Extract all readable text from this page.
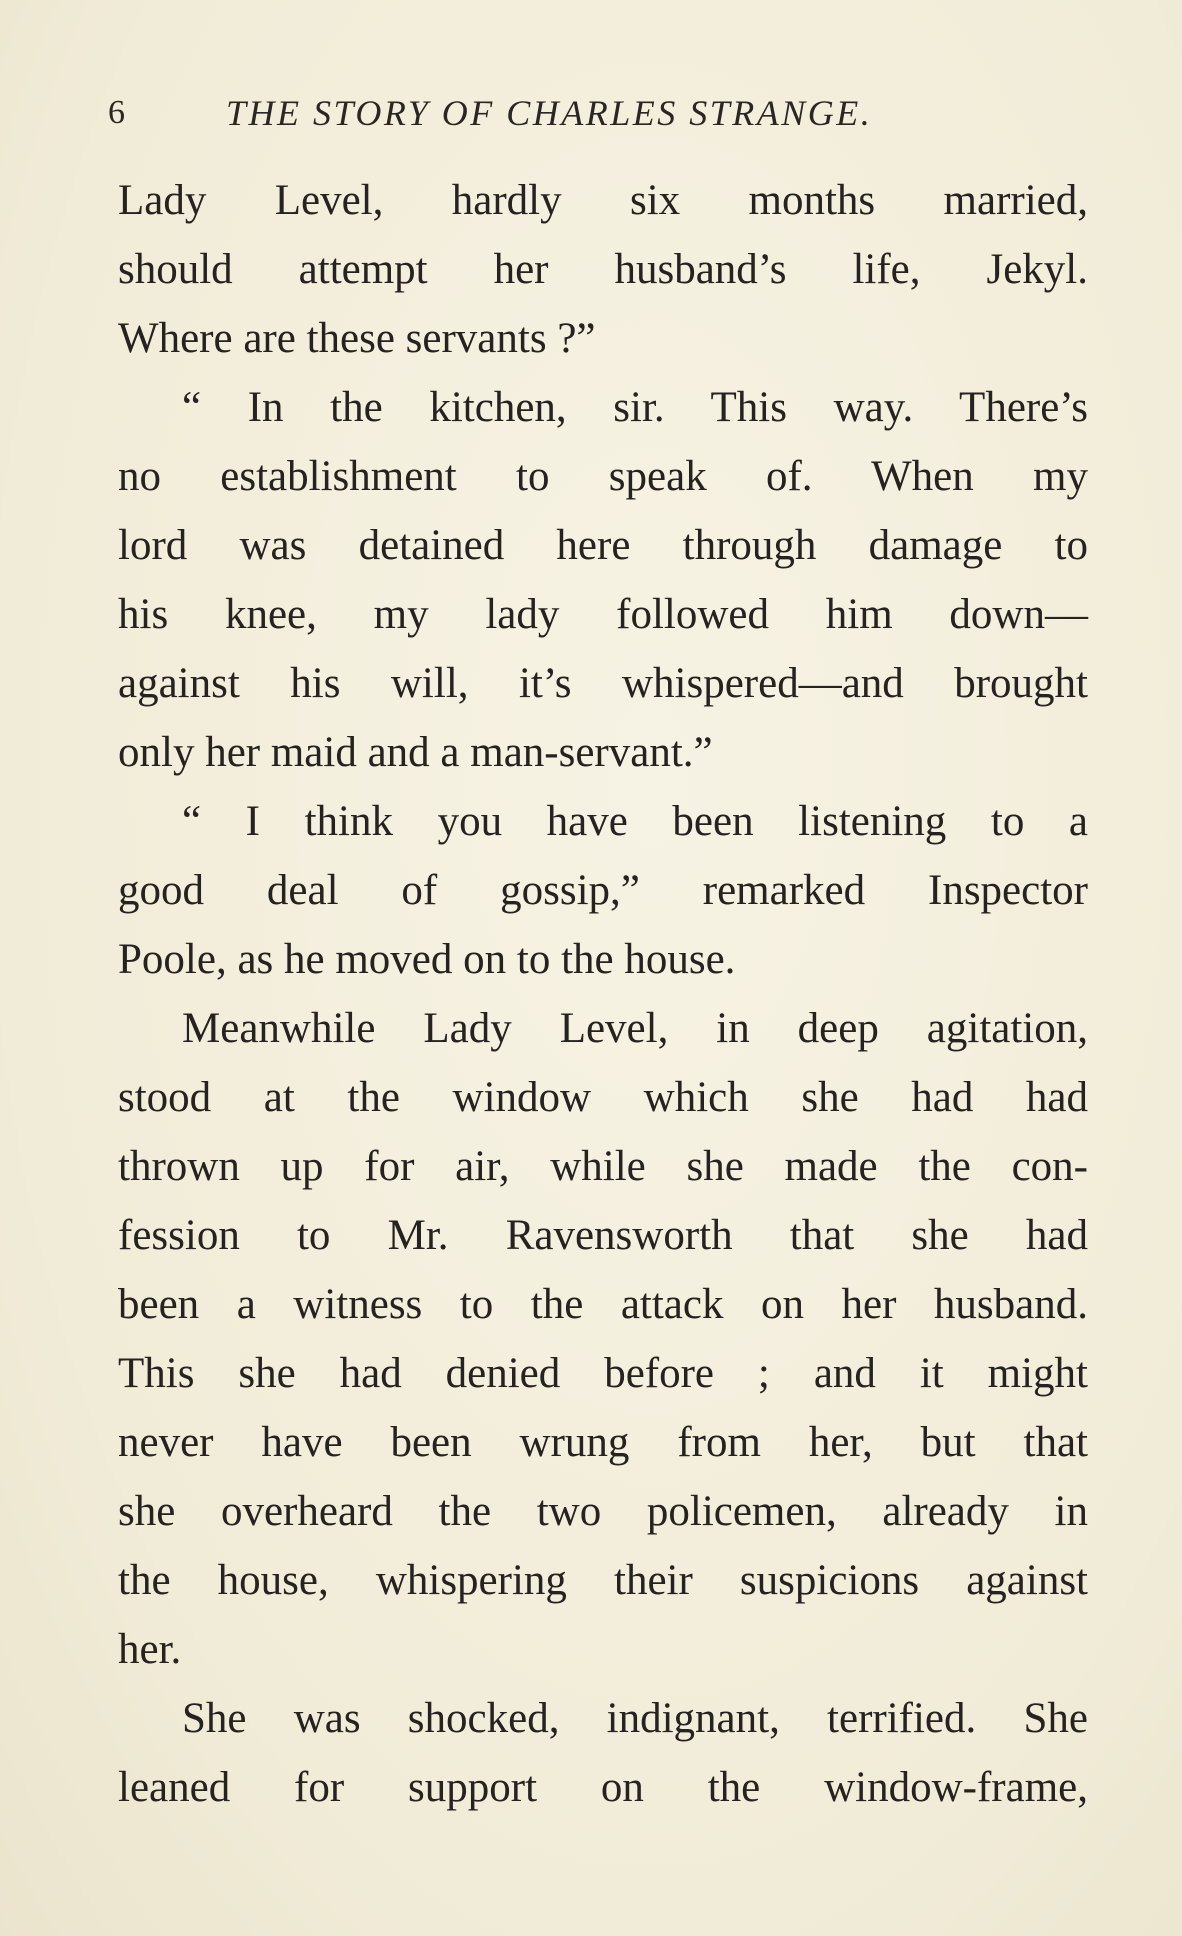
6	THE STORY OF CHARLES STRANGE.
Lady Level, hardly six months married,
should attempt her husband’s life, Jekyl.
Where are these servants ?”
“ In the kitchen, sir. This way. There’s
no establishment to speak of. When my
lord was detained here through damage to
his knee, my lady followed him down—
against his will, it’s whispered—and brought
only her maid and a man-servant.”
“ I think you have been listening to a
good deal of gossip,” remarked Inspector
Poole, as he moved on to the house.
Meanwhile Lady Level, in deep agitation,
stood at the window which she had had
thrown up for air, while she made the con-
fession to Mr. Ravensworth that she had
been a witness to the attack on her husband.
This she had denied before ; and it might
never have been wrung from her, but that
she overheard the two policemen, already in
the house, whispering their suspicions against
her.
She was shocked, indignant, terrified. She
leaned for support on the window-frame,
